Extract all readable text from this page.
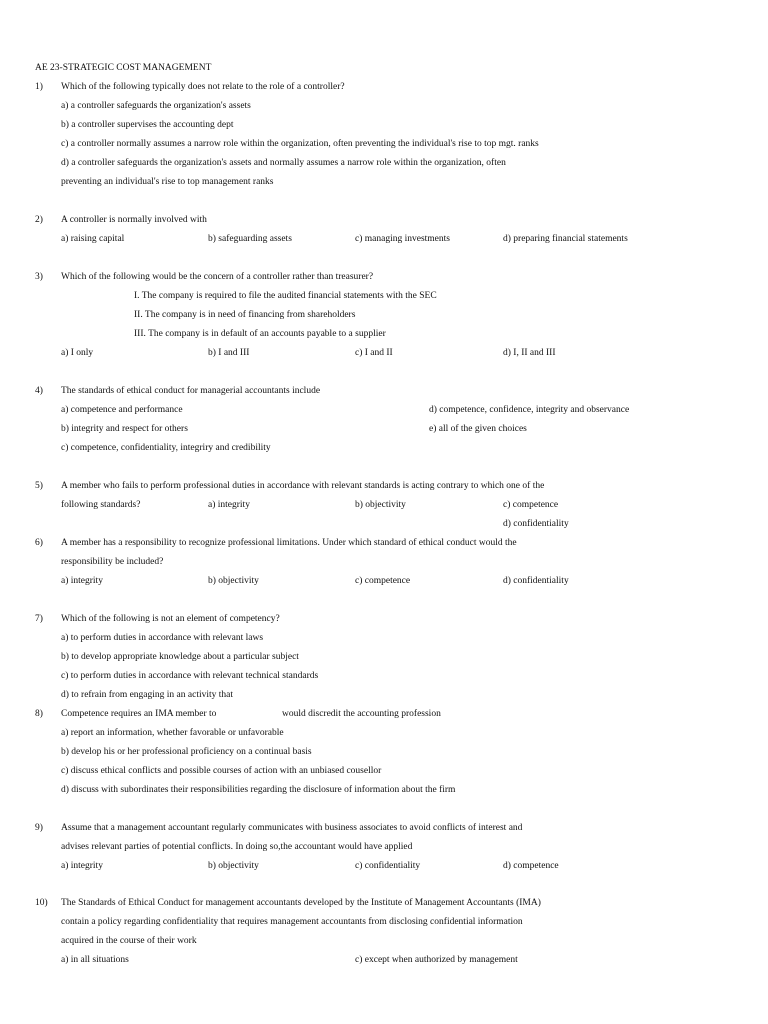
AE 23-STRATEGIC COST MANAGEMENT
1) Which of the following typically does not relate to the role of a controller?
a) a controller safeguards the organization's assets
b) a controller supervises the accounting dept
c) a controller normally assumes a narrow role within the organization, often preventing the individual's rise to top mgt. ranks
d) a controller safeguards the organization's assets and normally assumes a narrow role within the organization, often
preventing an individual's rise to top management ranks
2) A controller is normally involved with
a) raising capital	b) safeguarding assets	c) managing investments	d) preparing financial statements
3) Which of the following would be the concern of a controller rather than treasurer?
I. The company is required to file the audited financial statements with the SEC
II. The company is in need of financing from shareholders
III. The company is in default of an accounts payable to a supplier
a) I only	b) I and III	c) I and II	d) I, II and III
4) The standards of ethical conduct for managerial accountants include
a) competence and performance	d) competence, confidence, integrity and observance
b) integrity and respect for others	e) all of the given choices
c) competence, confidentiality, integriry and credibility
5) A member who fails to perform professional duties in accordance with relevant standards is acting contrary to which one of the
following standards?	a) integrity	b) objectivity	c) competence
d) confidentiality
6) A member has a responsibility to recognize professional limitations. Under which standard of ethical conduct would the
responsibility be included?
a) integrity	b) objectivity	c) competence	d) confidentiality
7) Which of the following is not an element of competency?
a) to perform duties in accordance with relevant laws
b) to develop appropriate knowledge about a particular subject
c) to perform duties in accordance with relevant technical standards
d) to refrain from engaging in an activity that
8) Competence requires an IMA member to	would discredit the accounting profession
a) report an information, whether favorable or unfavorable
b) develop his or her professional proficiency on a continual basis
c) discuss ethical conflicts and possible courses of action with an unbiased cousellor
d) discuss with subordinates their responsibilities regarding the disclosure of information about the firm
9) Assume that a management accountant regularly communicates with business associates to avoid conflicts of interest and
advises relevant parties of potential conflicts. In doing so,the accountant would have applied
a) integrity	b) objectivity	c) confidentiality	d) competence
10) The Standards of Ethical Conduct for management accountants developed by the Institute of Management Accountants (IMA)
contain a policy regarding confidentiality that requires management accountants from disclosing confidential information
acquired in the course of their work
a) in all situations	c) except when authorized by management
